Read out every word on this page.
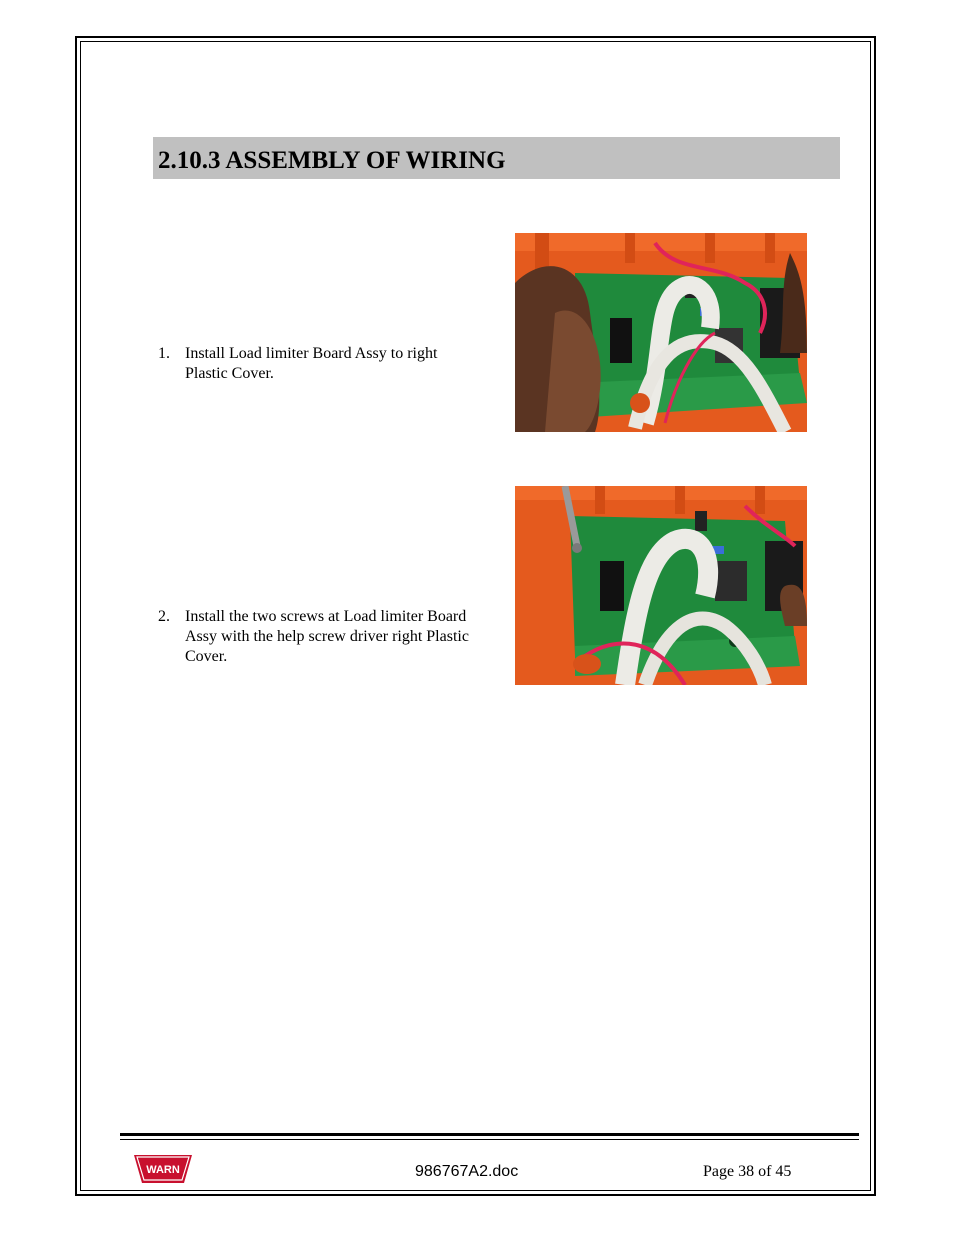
2.10.3 ASSEMBLY OF WIRING
1. Install Load limiter Board Assy to right Plastic Cover.
2. Install the two screws at Load limiter Board Assy with the help screw driver right Plastic Cover.
WARN	986767A2.doc	Page 38 of 45
